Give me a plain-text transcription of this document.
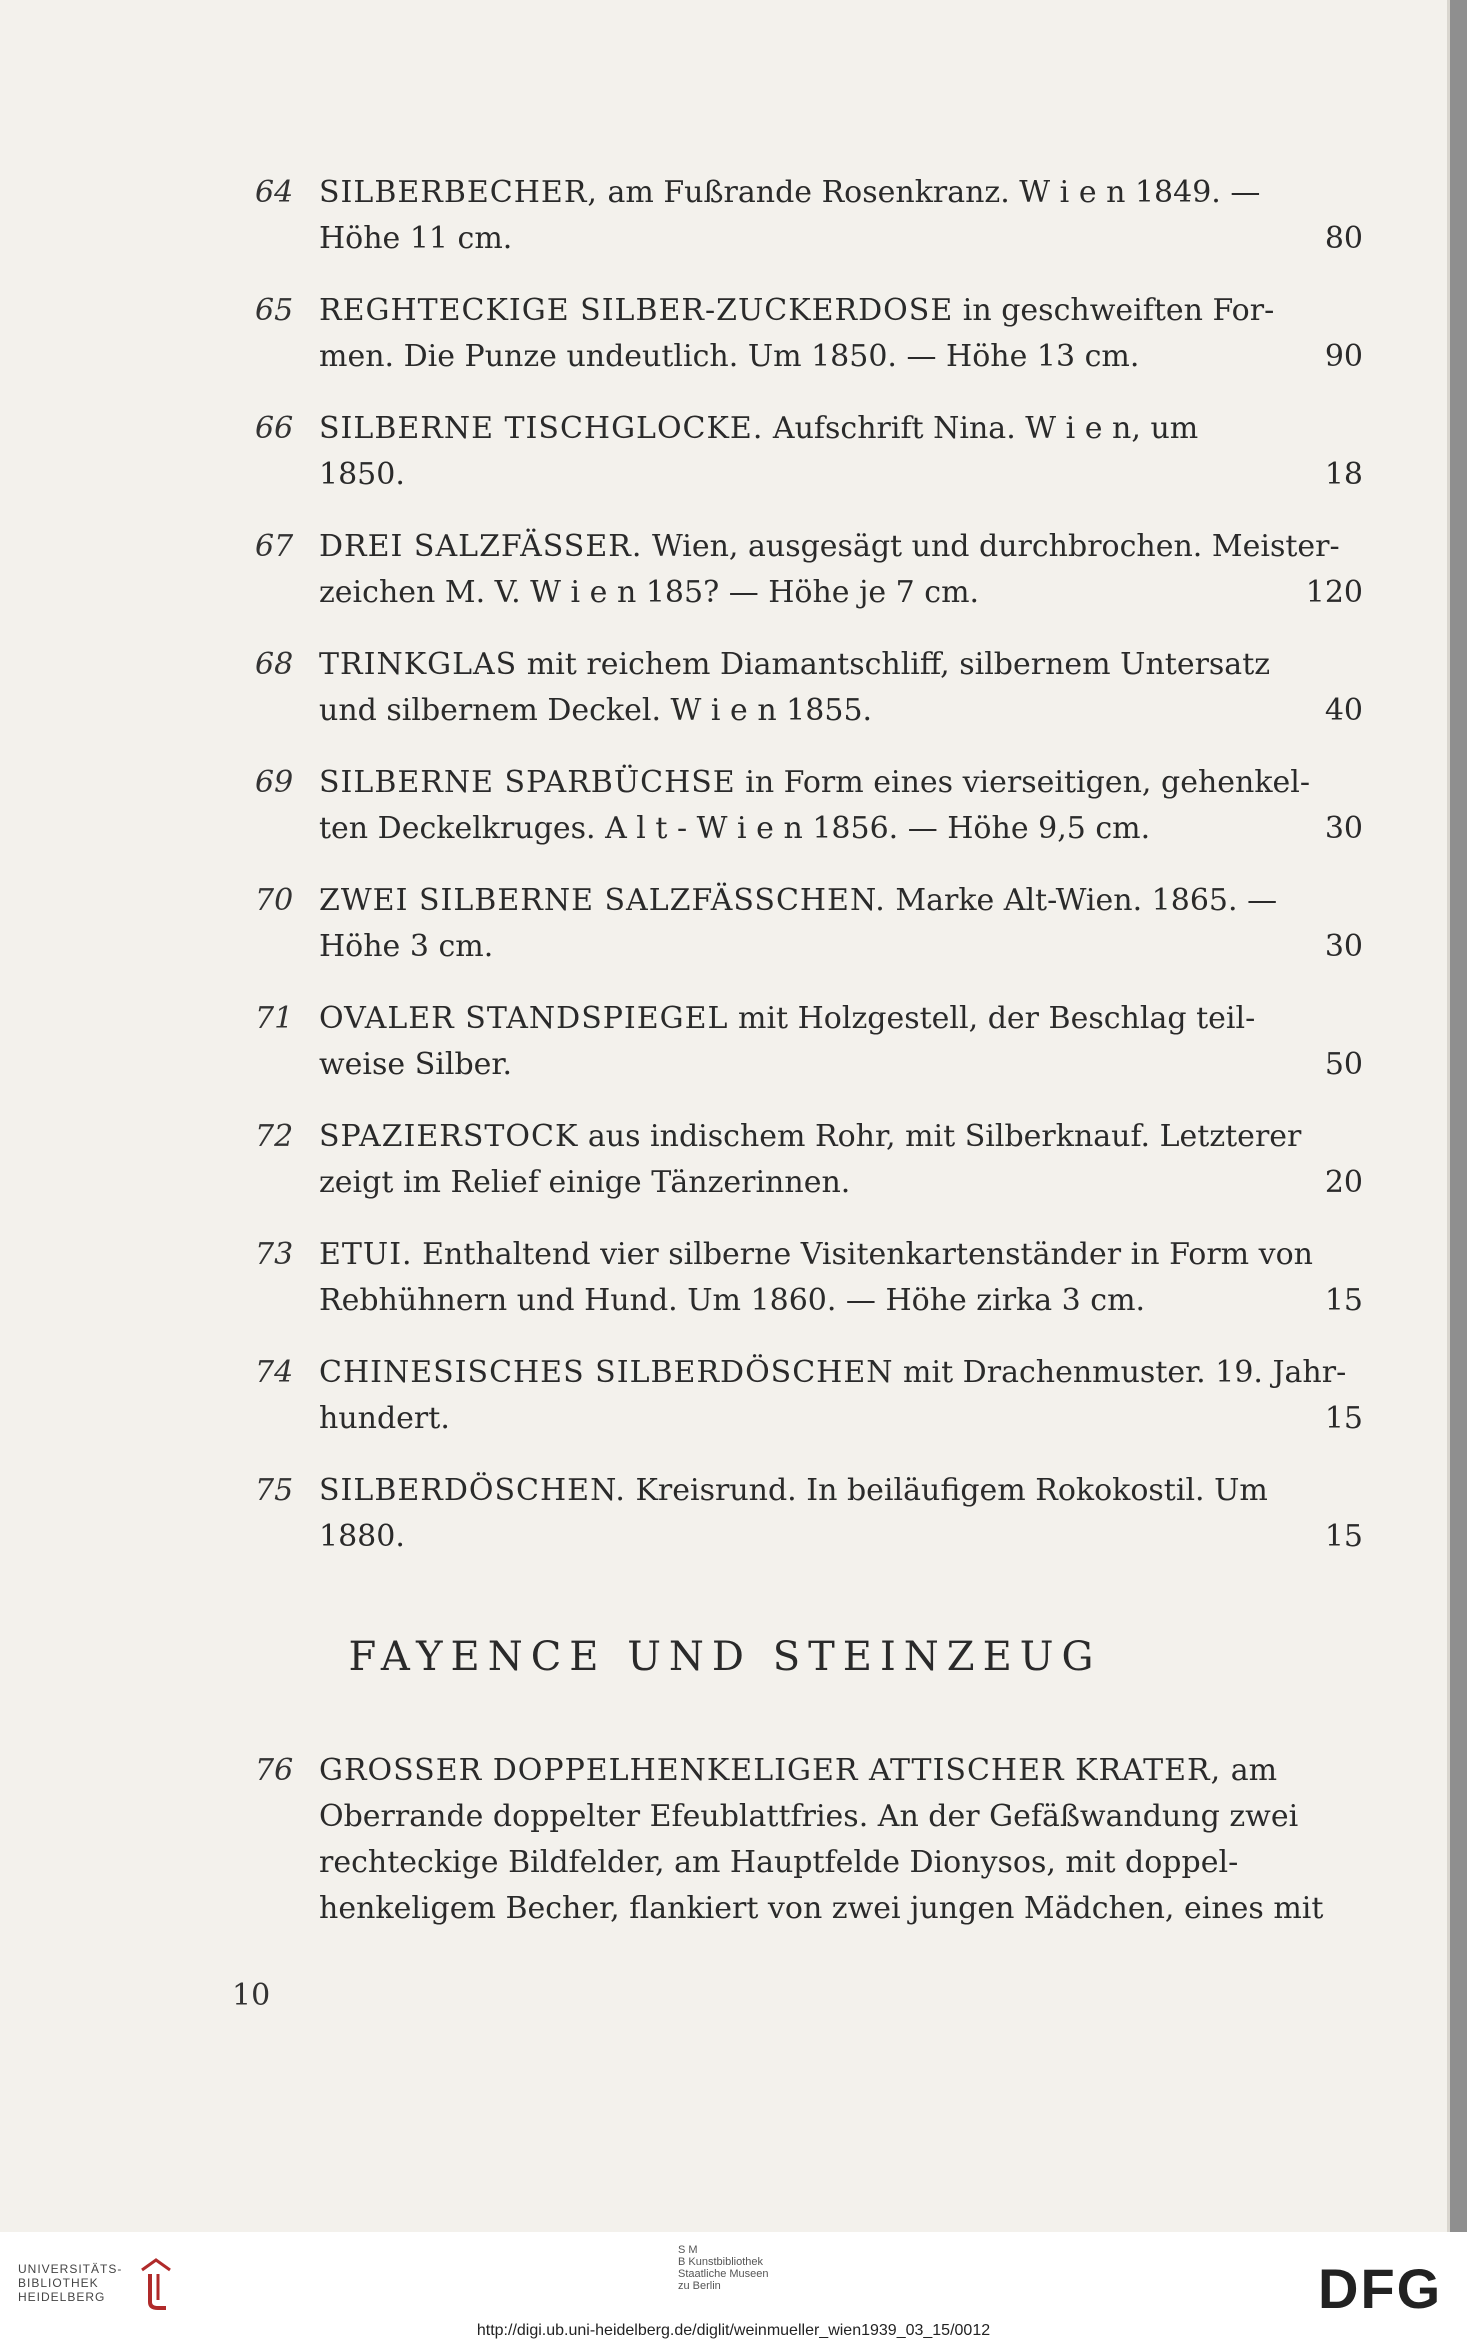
64 SILBERBECHER, am Fußrande Rosenkranz. W i e n 1849. —
Höhe 11 cm.	80
65 REGHTECKIGE SILBER-ZUCKERDOSE in geschweiften For-
men. Die Punze undeutlich. Um 1850. — Höhe 13 cm.	90
66 SILBERNE TISCHGLOCKE. Aufschrift Nina. W i e n, um
1850.	18
67 DREI SALZFÄSSER. Wien, ausgesägt und durchbrochen. Meister-
zeichen M. V. W i e n 185? — Höhe je 7 cm.	120
68 TRINKGLAS mit reichem Diamantschliff, silbernem Untersatz
und silbernem Deckel. W i e n 1855.	40
69 SILBERNE SPARBÜCHSE in Form eines vierseitigen, gehenkel-
ten Deckelkruges. A l t - W i e n 1856. — Höhe 9,5 cm.	30
70 ZWEI SILBERNE SALZFÄSSCHEN. Marke Alt-Wien. 1865. —
Höhe 3 cm.	30
71 OVALER STANDSPIEGEL mit Holzgestell, der Beschlag teil-
weise Silber.	50
72 SPAZIERSTOCK aus indischem Rohr, mit Silberknauf. Letzterer
zeigt im Relief einige Tänzerinnen.	20
73 ETUI. Enthaltend vier silberne Visitenkartenständer in Form von
Rebhühnern und Hund. Um 1860. — Höhe zirka 3 cm.	15
74 CHINESISCHES SILBERDÖSCHEN mit Drachenmuster. 19. Jahr-
hundert.	15
75 SILBERDÖSCHEN. Kreisrund. In beiläufigem Rokokostil. Um
1880.	15
FAYENCE UND STEINZEUG
76 GROSSER DOPPELHENKELIGER ATTISCHER KRATER, am
Oberrande doppelter Efeublattfries. An der Gefäßwandung zwei
rechteckige Bildfelder, am Hauptfelde Dionysos, mit doppel-
henkeligem Becher, flankiert von zwei jungen Mädchen, eines mit
10
UNIVERSITÄTS-
BIBLIOTHEK
HEIDELBERG
S M
B Kunstbibliothek
Staatliche Museen
zu Berlin	DFG
http://digi.ub.uni-heidelberg.de/diglit/weinmueller_wien1939_03_15/0012
